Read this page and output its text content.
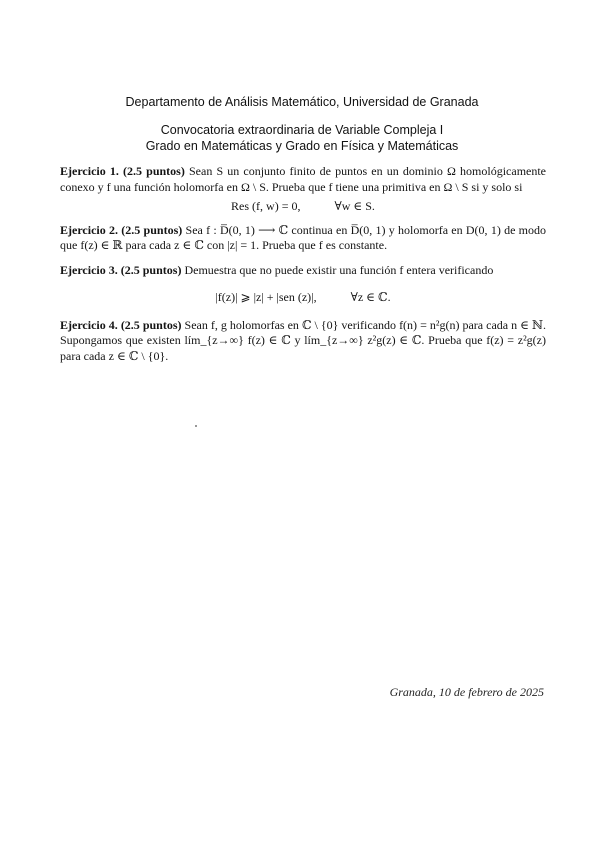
Departamento de Análisis Matemático, Universidad de Granada
Convocatoria extraordinaria de Variable Compleja I
Grado en Matemáticas y Grado en Física y Matemáticas
Ejercicio 1. (2.5 puntos) Sean S un conjunto finito de puntos en un dominio Ω homológicamente conexo y f una función holomorfa en Ω \ S. Prueba que f tiene una primitiva en Ω \ S si y solo si
Res (f, w) = 0,	∀w ∈ S.
Ejercicio 2. (2.5 puntos) Sea f : D̅(0, 1) ⟶ ℂ continua en D̅(0, 1) y holomorfa en D(0, 1) de modo que f(z) ∈ ℝ para cada z ∈ ℂ con |z| = 1. Prueba que f es constante.
Ejercicio 3. (2.5 puntos) Demuestra que no puede existir una función f entera verificando
|f(z)| ⩾ |z| + |sen (z)|,	∀z ∈ ℂ.
Ejercicio 4. (2.5 puntos) Sean f, g holomorfas en ℂ \ {0} verificando f(n) = n²g(n) para cada n ∈ ℕ. Supongamos que existen lím_{z→∞} f(z) ∈ ℂ y lím_{z→∞} z²g(z) ∈ ℂ. Prueba que f(z) = z²g(z) para cada z ∈ ℂ \ {0}.
Granada, 10 de febrero de 2025
